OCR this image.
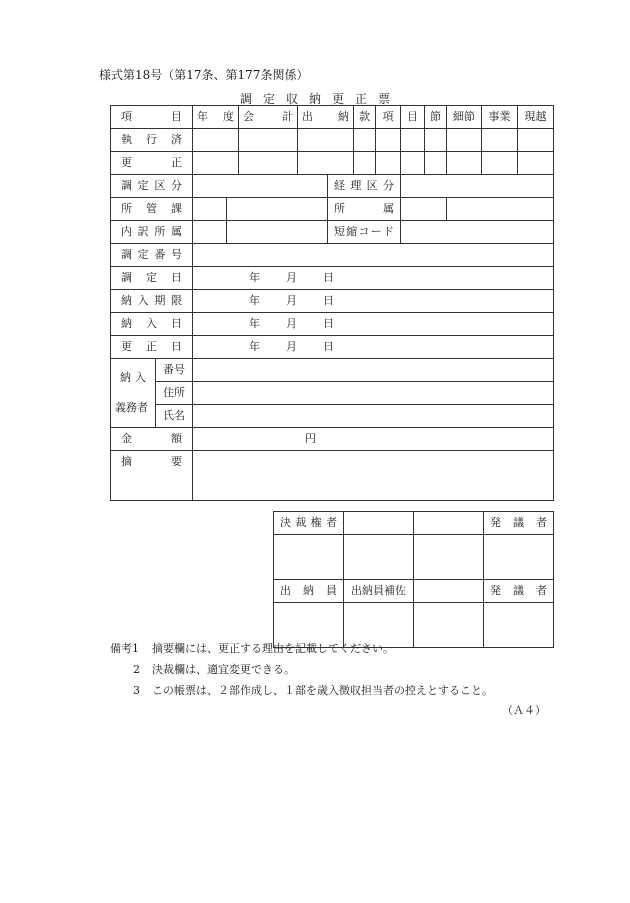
様式第18号（第17条、第177条関係）
調定収納更正票
項目		年度		会計	出納		款	項	目	節	細節	事業	現越
執行済													
更正													
調定区分						経理区分							
所管課						所属							
内訳所属						短縮コード							
調定番号													
調定日		年 月 日											
納入期限		年 月 日											
納入日		年 月 日											
更正日		年 月 日											

納入
義務者	番号												
	住所												
	氏名												
金額		円											
摘要													
決裁権者			発議者

出納員	出納員補佐		発議者

備考1	摘要欄には、更正する理由を記載してください。
2	決裁欄は、適宜変更できる。
3	この帳票は、２部作成し、１部を歳入徴収担当者の控えとすること。
（Ａ４）
